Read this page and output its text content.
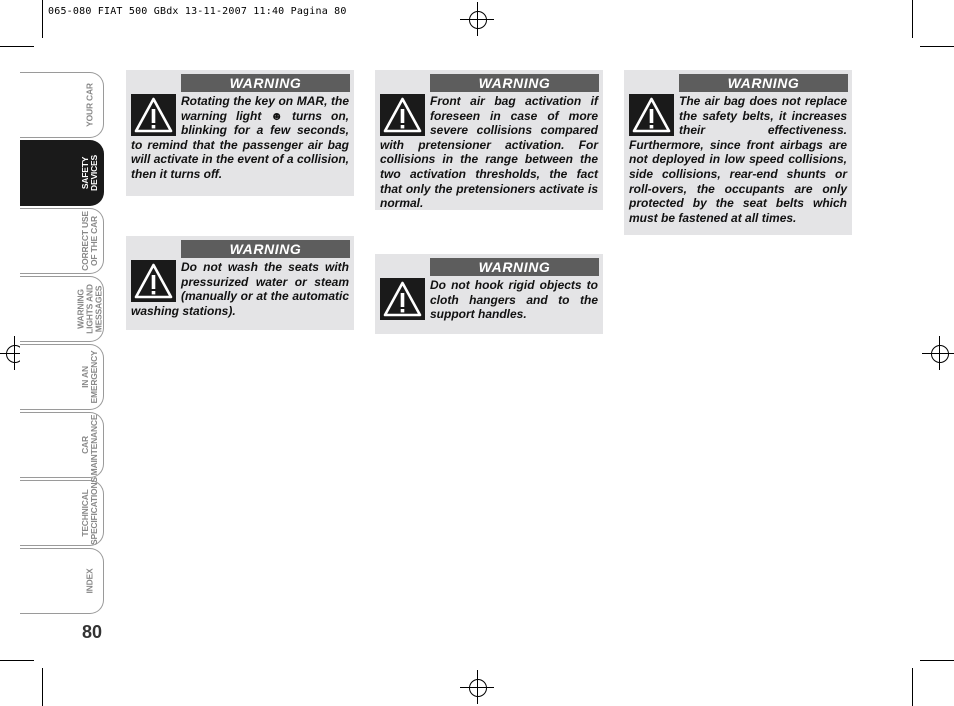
065-080 FIAT 500 GBdx 13-11-2007 11:40 Pagina 80
YOUR CAR
SAFETY DEVICES
CORRECT USE OF THE CAR
WARNING LIGHTS AND MESSAGES
IN AN EMERGENCY
CAR MAINTENANCE
TECHNICAL SPECIFICATIONS
INDEX
80
WARNING
Rotating the key on MAR, the warning light ☻ turns on, blinking for a few seconds, to remind that the passenger air bag will activate in the event of a collision, then it turns off.
WARNING
Do not wash the seats with pressurized water or steam (manually or at the automatic washing stations).
WARNING
Front air bag activation if foreseen in case of more severe collisions compared with pretensioner activation. For collisions in the range between the two activation thresholds, the fact that only the pretensioners activate is normal.
WARNING
Do not hook rigid objects to cloth hangers and to the support handles.
WARNING
The air bag does not replace the safety belts, it increases their effectiveness. Furthermore, since front airbags are not deployed in low speed collisions, side collisions, rear-end shunts or roll-overs, the occupants are only protected by the seat belts which must be fastened at all times.
